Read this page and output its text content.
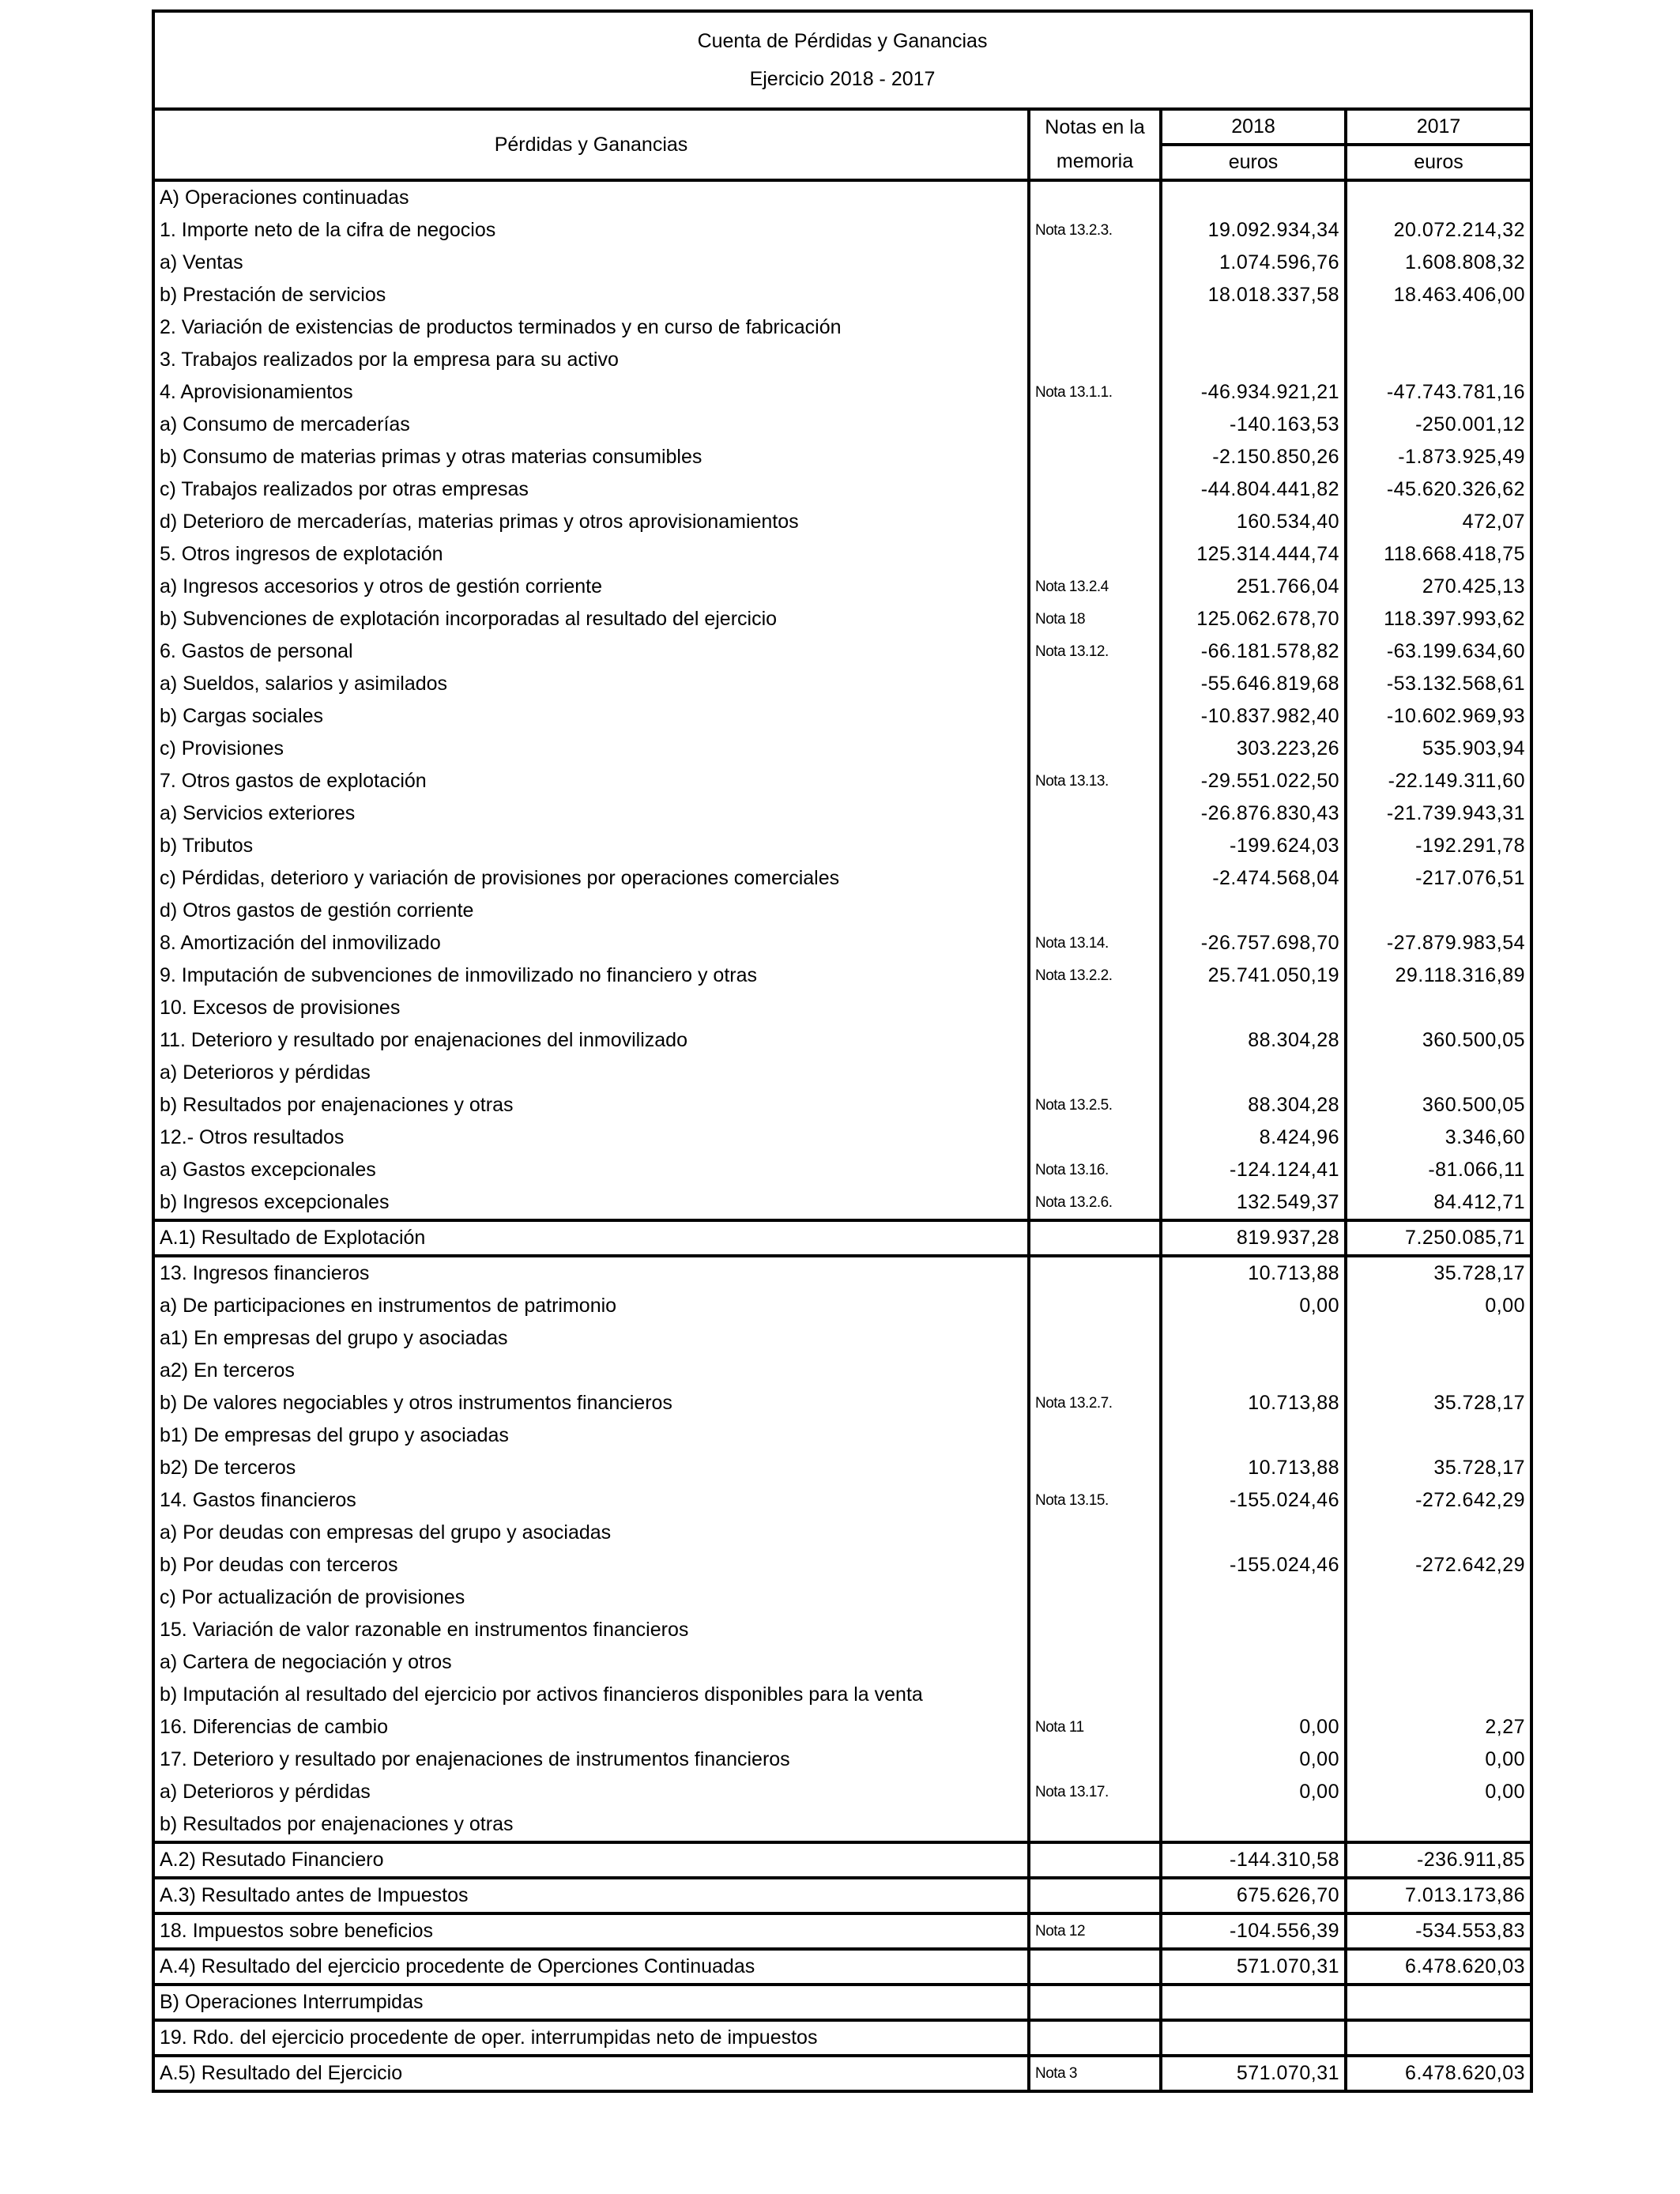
Cuenta de Pérdidas y Ganancias
Ejercicio 2018 - 2017			

Pérdidas y Ganancias	Notas en la	2018	2017
	memoria	euros	euros
A) Operaciones continuadas			
1. Importe neto de la cifra de negocios	Nota 13.2.3.	19.092.934,34	20.072.214,32
a) Ventas		1.074.596,76	1.608.808,32
b) Prestación de servicios		18.018.337,58	18.463.406,00
2. Variación de existencias de productos terminados y en curso de fabricación			
3. Trabajos realizados por la empresa para su activo			
4. Aprovisionamientos	Nota 13.1.1.	-46.934.921,21	-47.743.781,16
a) Consumo de mercaderías		-140.163,53	-250.001,12
b) Consumo de materias primas y otras materias consumibles		-2.150.850,26	-1.873.925,49
c) Trabajos realizados por otras empresas		-44.804.441,82	-45.620.326,62
d) Deterioro de mercaderías, materias primas y otros aprovisionamientos		160.534,40	472,07
5. Otros ingresos de explotación		125.314.444,74	118.668.418,75
a) Ingresos accesorios y otros de gestión corriente	Nota 13.2.4	251.766,04	270.425,13
b) Subvenciones de explotación incorporadas al resultado del ejercicio	Nota 18	125.062.678,70	118.397.993,62
6. Gastos de personal	Nota 13.12.	-66.181.578,82	-63.199.634,60
a) Sueldos, salarios y asimilados		-55.646.819,68	-53.132.568,61
b) Cargas sociales		-10.837.982,40	-10.602.969,93
c) Provisiones		303.223,26	535.903,94
7. Otros gastos de explotación	Nota 13.13.	-29.551.022,50	-22.149.311,60
a) Servicios exteriores		-26.876.830,43	-21.739.943,31
b) Tributos		-199.624,03	-192.291,78
c) Pérdidas, deterioro y variación de provisiones por operaciones comerciales		-2.474.568,04	-217.076,51
d) Otros gastos de gestión corriente			
8. Amortización del inmovilizado	Nota 13.14.	-26.757.698,70	-27.879.983,54
9. Imputación de subvenciones de inmovilizado no financiero y otras	Nota 13.2.2.	25.741.050,19	29.118.316,89
10. Excesos de provisiones			
11. Deterioro y resultado por enajenaciones del inmovilizado		88.304,28	360.500,05
a) Deterioros y pérdidas			
b) Resultados por enajenaciones y otras	Nota 13.2.5.	88.304,28	360.500,05
12.- Otros resultados		8.424,96	3.346,60
a) Gastos excepcionales	Nota 13.16.	-124.124,41	-81.066,11
b) Ingresos excepcionales	Nota 13.2.6.	132.549,37	84.412,71
A.1) Resultado de Explotación		819.937,28	7.250.085,71
13. Ingresos financieros		10.713,88	35.728,17
a) De participaciones en instrumentos de patrimonio		0,00	0,00
a1) En empresas del grupo y asociadas			
a2) En terceros			
b) De valores negociables y otros instrumentos financieros	Nota 13.2.7.	10.713,88	35.728,17
b1) De empresas del grupo y asociadas			
b2) De terceros		10.713,88	35.728,17
14. Gastos financieros	Nota 13.15.	-155.024,46	-272.642,29
a) Por deudas con empresas del grupo y asociadas			
b) Por deudas con terceros		-155.024,46	-272.642,29
c) Por actualización de provisiones			
15. Variación de valor razonable en instrumentos financieros			
a) Cartera de negociación y otros			
b) Imputación al resultado del ejercicio por activos financieros disponibles para la venta			
16. Diferencias de cambio	Nota 11	0,00	2,27
17. Deterioro y resultado por enajenaciones de instrumentos financieros		0,00	0,00
a) Deterioros y pérdidas	Nota 13.17.	0,00	0,00
b) Resultados por enajenaciones y otras			
A.2) Resutado Financiero		-144.310,58	-236.911,85
A.3) Resultado antes de Impuestos		675.626,70	7.013.173,86
18. Impuestos sobre beneficios	Nota 12	-104.556,39	-534.553,83
A.4) Resultado del ejercicio procedente de Operciones Continuadas		571.070,31	6.478.620,03
B) Operaciones Interrumpidas			
19. Rdo. del ejercicio procedente de oper. interrumpidas neto de impuestos			
A.5) Resultado del Ejercicio	Nota 3	571.070,31	6.478.620,03
